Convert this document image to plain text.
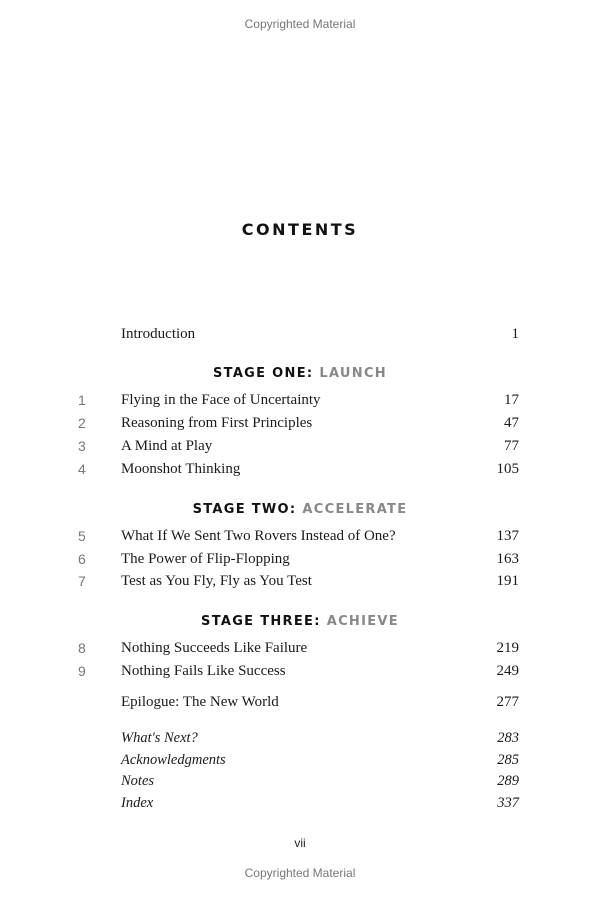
Copyrighted Material
CONTENTS
STAGE ONE: LAUNCH
STAGE TWO: ACCELERATE
STAGE THREE: ACHIEVE
Introduction	1
1	Flying in the Face of Uncertainty	17
2	Reasoning from First Principles	47
3	A Mind at Play	77
4	Moonshot Thinking	105
5	What If We Sent Two Rovers Instead of One?	137
6	The Power of Flip-Flopping	163
7	Test as You Fly, Fly as You Test	191
8	Nothing Succeeds Like Failure	219
9	Nothing Fails Like Success	249
Epilogue: The New World	277
What's Next?	283
Acknowledgments	285
Notes	289
Index	337
vii
Copyrighted Material
